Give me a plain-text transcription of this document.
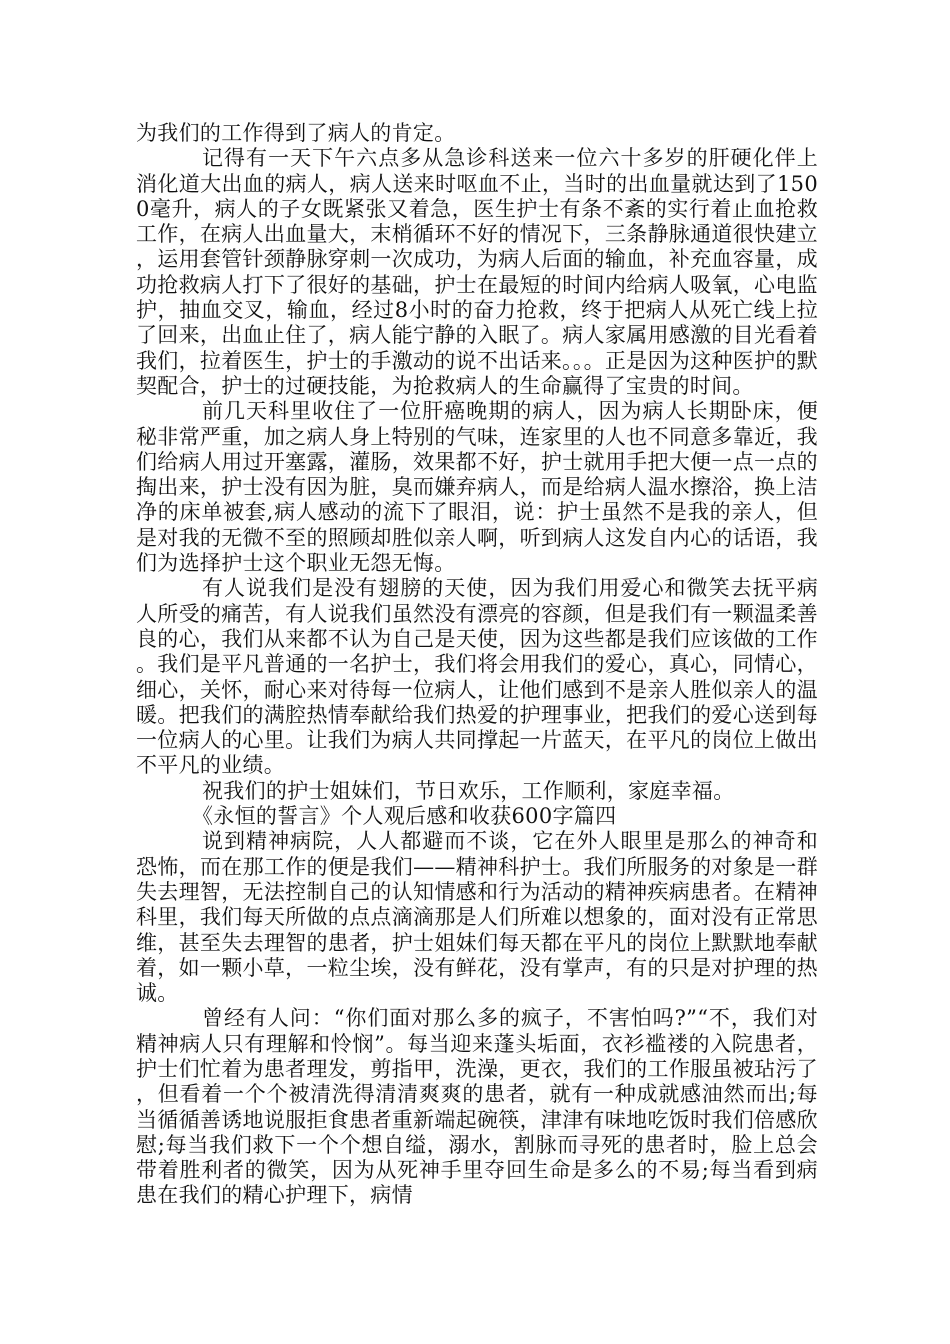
为我们的工作得到了病人的肯定。

记得有一天下午六点多从急诊科送来一位六十多岁的肝硬化伴上消化道大出血的病人，病人送来时呕血不止，当时的出血量就达到了1500毫升，病人的子女既紧张又着急，医生护士有条不紊的实行着止血抢救工作，在病人出血量大，末梢循环不好的情况下，三条静脉通道很快建立，运用套管针颈静脉穿刺一次成功，为病人后面的输血，补充血容量，成功抢救病人打下了很好的基础，护士在最短的时间内给病人吸氧，心电监护，抽血交叉，输血，经过8小时的奋力抢救，终于把病人从死亡线上拉了回来，出血止住了，病人能宁静的入眠了。病人家属用感激的目光看着我们，拉着医生，护士的手激动的说不出话来。。。正是因为这种医护的默契配合，护士的过硬技能，为抢救病人的生命赢得了宝贵的时间。

前几天科里收住了一位肝癌晚期的病人，因为病人长期卧床，便秘非常严重，加之病人身上特别的气味，连家里的人也不同意多靠近，我们给病人用过开塞露，灌肠，效果都不好，护士就用手把大便一点一点的掏出来，护士没有因为脏，臭而嫌弃病人，而是给病人温水擦浴，换上洁净的床单被套,病人感动的流下了眼泪，说：护士虽然不是我的亲人，但是对我的无微不至的照顾却胜似亲人啊，听到病人这发自内心的话语，我们为选择护士这个职业无怨无悔。

有人说我们是没有翅膀的天使，因为我们用爱心和微笑去抚平病人所受的痛苦，有人说我们虽然没有漂亮的容颜，但是我们有一颗温柔善良的心，我们从来都不认为自己是天使，因为这些都是我们应该做的工作。我们是平凡普通的一名护士，我们将会用我们的爱心，真心，同情心，细心，关怀，耐心来对待每一位病人，让他们感到不是亲人胜似亲人的温暖。把我们的满腔热情奉献给我们热爱的护理事业，把我们的爱心送到每一位病人的心里。让我们为病人共同撑起一片蓝天，在平凡的岗位上做出不平凡的业绩。

祝我们的护士姐妹们，节日欢乐，工作顺利，家庭幸福。

《永恒的誓言》个人观后感和收获600字篇四

说到精神病院，人人都避而不谈，它在外人眼里是那么的神奇和恐怖，而在那工作的便是我们——精神科护士。我们所服务的对象是一群失去理智，无法控制自己的认知情感和行为活动的精神疾病患者。在精神科里，我们每天所做的点点滴滴那是人们所难以想象的，面对没有正常思维，甚至失去理智的患者，护士姐妹们每天都在平凡的岗位上默默地奉献着，如一颗小草，一粒尘埃，没有鲜花，没有掌声，有的只是对护理的热诚。

曾经有人问：“你们面对那么多的疯子，不害怕吗?”“不，我们对精神病人只有理解和怜悯”。每当迎来蓬头垢面，衣衫褴褛的入院患者，护士们忙着为患者理发，剪指甲，洗澡，更衣，我们的工作服虽被玷污了，但看着一个个被清洗得清清爽爽的患者，就有一种成就感油然而出;每当循循善诱地说服拒食患者重新端起碗筷，津津有味地吃饭时我们倍感欣慰;每当我们救下一个个想自缢，溺水，割脉而寻死的患者时，脸上总会带着胜利者的微笑，因为从死神手里夺回生命是多么的不易;每当看到病患在我们的精心护理下，病情
